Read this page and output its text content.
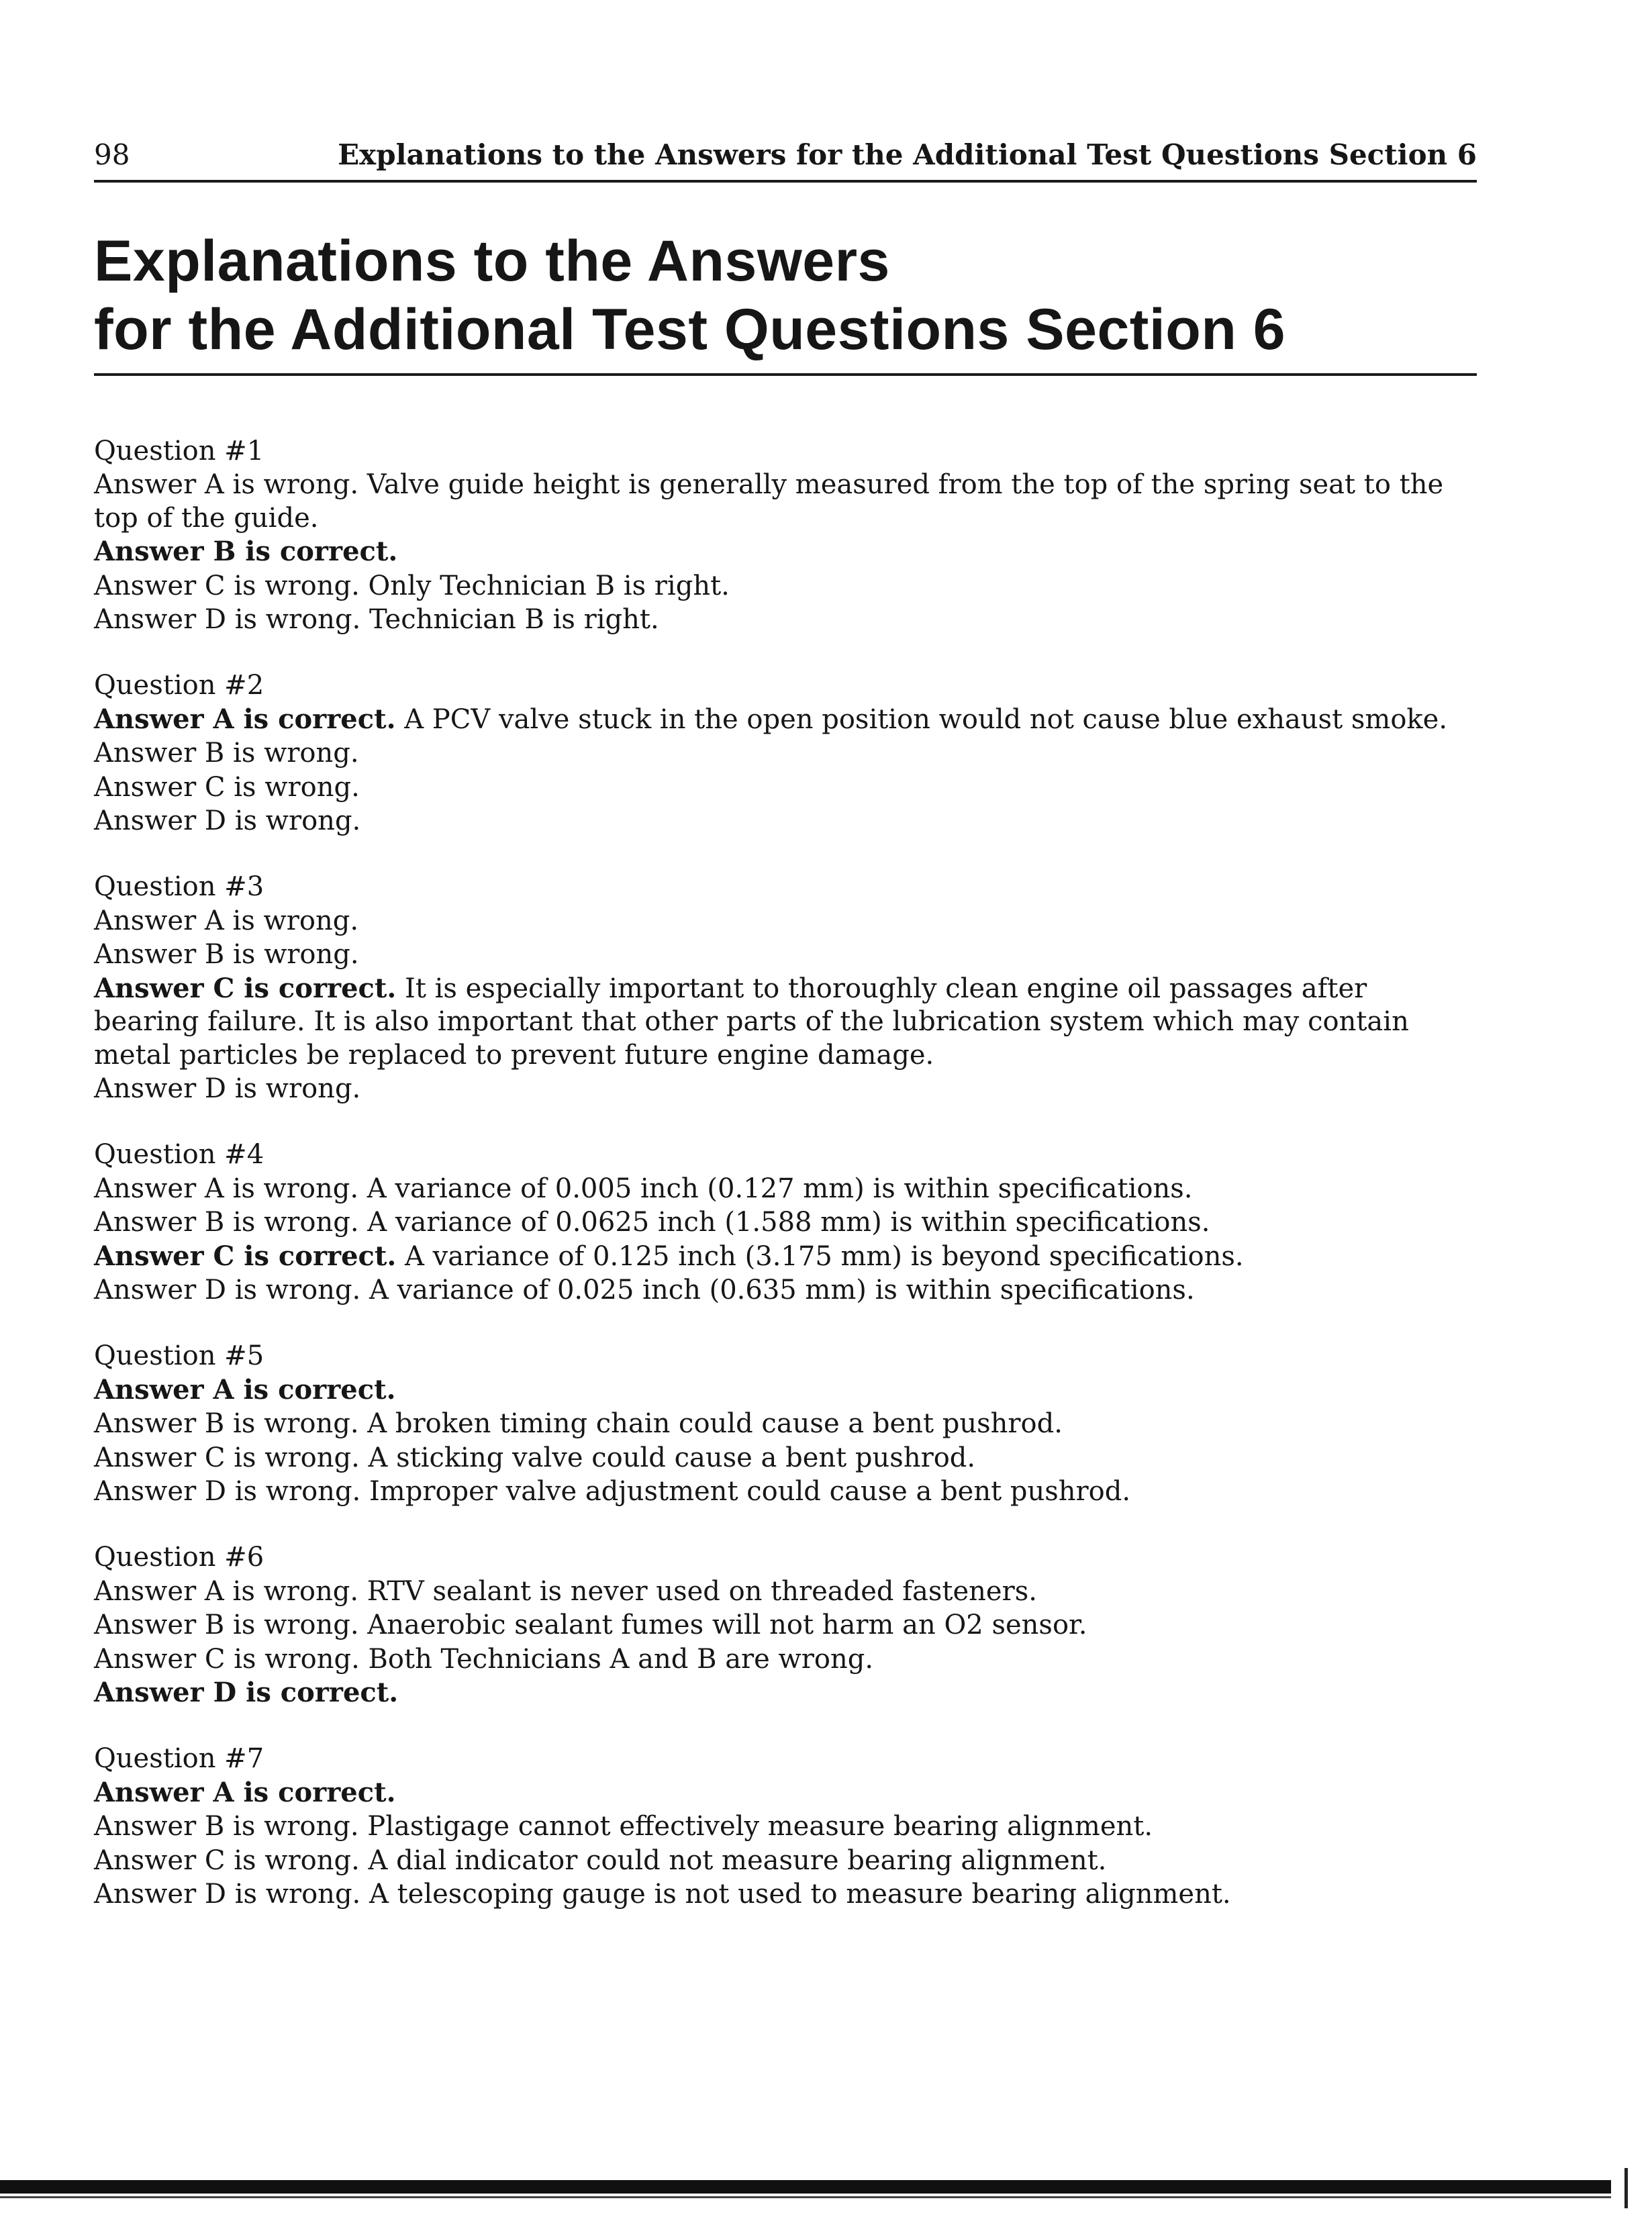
98	Explanations to the Answers for the Additional Test Questions Section 6
Explanations to the Answers
for the Additional Test Questions Section 6
Question #1
Answer A is wrong. Valve guide height is generally measured from the top of the spring seat to the top of the guide.
Answer B is correct.
Answer C is wrong. Only Technician B is right.
Answer D is wrong. Technician B is right.
Question #2
Answer A is correct. A PCV valve stuck in the open position would not cause blue exhaust smoke.
Answer B is wrong.
Answer C is wrong.
Answer D is wrong.
Question #3
Answer A is wrong.
Answer B is wrong.
Answer C is correct. It is especially important to thoroughly clean engine oil passages after bearing failure. It is also important that other parts of the lubrication system which may contain metal particles be replaced to prevent future engine damage.
Answer D is wrong.
Question #4
Answer A is wrong. A variance of 0.005 inch (0.127 mm) is within specifications.
Answer B is wrong. A variance of 0.0625 inch (1.588 mm) is within specifications.
Answer C is correct. A variance of 0.125 inch (3.175 mm) is beyond specifications.
Answer D is wrong. A variance of 0.025 inch (0.635 mm) is within specifications.
Question #5
Answer A is correct.
Answer B is wrong. A broken timing chain could cause a bent pushrod.
Answer C is wrong. A sticking valve could cause a bent pushrod.
Answer D is wrong. Improper valve adjustment could cause a bent pushrod.
Question #6
Answer A is wrong. RTV sealant is never used on threaded fasteners.
Answer B is wrong. Anaerobic sealant fumes will not harm an O2 sensor.
Answer C is wrong. Both Technicians A and B are wrong.
Answer D is correct.
Question #7
Answer A is correct.
Answer B is wrong. Plastigage cannot effectively measure bearing alignment.
Answer C is wrong. A dial indicator could not measure bearing alignment.
Answer D is wrong. A telescoping gauge is not used to measure bearing alignment.
